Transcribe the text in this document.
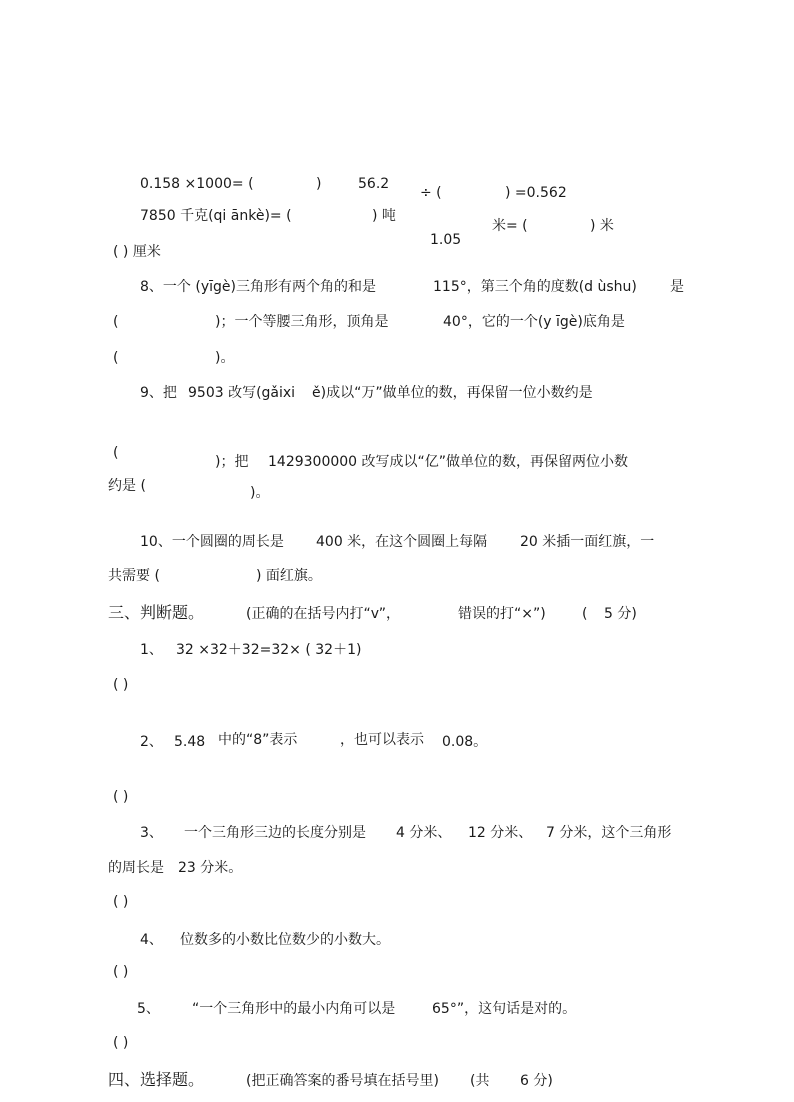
0.158 ×1000= (	)	56.2
÷ (	) =0.562
7850 千克(qi ānkè)= (	) 吨
1.05
米= (	) 米
( ) 厘米
8、一个 (yīgè)三角形有两个角的和是	115°，第三个角的度数(d ùshu) 是
(	)；一个等腰三角形，顶角是	40°，它的一个(y īgè)底角是
(	)。
9、把 9503 改写(gǎixi ě)成以“万”做单位的数，再保留一位小数约是
(
)；把 1429300000 改写成以“亿”做单位的数，再保留两位小数
约是 (	)。
10、一个圆圈的周长是 400 米，在这个圆圈上每隔 20 米插一面红旗，一
共需要 (	) 面红旗。
三、判断题。	(正确的在括号内打“v”，	错误的打“×”)	( 5 分)
1、 32 ×32＋32=32× ( 32＋1)
( )
2、 5.48 中的“8”表示	，也可以表示 0.08。
( )
3、 一个三角形三边的长度分别是 4 分米、 12 分米、 7 分米，这个三角形
的周长是 23 分米。
( )
4、 位数多的小数比位数少的小数大。
( )
5、 “一个三角形中的最小内角可以是	65°”，这句话是对的。
( )
四、选择题。	(把正确答案的番号填在括号里) (共 6 分)
